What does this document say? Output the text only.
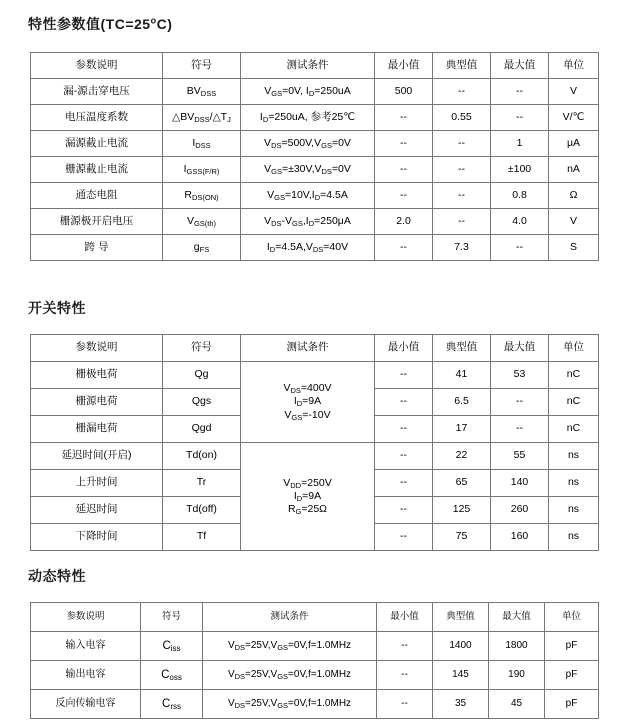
特性参数值$(TC=25^oC)$
参数说明	符号	测试条件	最小值	典型值	最大值	单位
漏-源击穿电压	$BV_{DSS}$	$V_{GS}=0V$, $I_D=250uA$	500	--	--	V
电压温度系数	$\triangle BV_{DSS}/\triangle T_J$	$I_D=250uA$, 参考25℃	--	0.55	--	V/℃
漏源截止电流	$I_{DSS}$	$V_{DS}=500V,V_{GS}=0V$	--	--	1	μA
栅源截止电流	$I_{GSS(F/R)}$	$V_{GS}=\pm 30V,V_{DS}=0V$	--	--	±100	nA
通态电阻	$R_{DS(ON)}$	$V_{GS}=10V,I_D=4.5A$	--	--	0.8	Ω
栅源极开启电压	$V_{GS(th)}$	$V_{DS}-V_{GS},I_D=250\mu A$	2.0	--	4.0	V
跨 导	$g_{FS}$	$I_D=4.5A,V_{DS}=40V$	--	7.3	--	S
开关特性
参数说明	符号	测试条件	最小值	典型值	最大值	单位
栅极电荷	Qg	$V_{DS}=400V$
$I_D=9A$
$V_{GS}=-10V$	--	41	53	nC
栅源电荷	Qgs		--	6.5	--	nC
栅漏电荷	Qgd		--	17	--	nC
延迟时间(开启)	Td(on)	$V_{DD}=250V$
$I_D=9A$
$R_G=25\Omega$	--	22	55	ns
上升时间	Tr		--	65	140	ns
延迟时间	Td(off)		--	125	260	ns
下降时间	Tf		--	75	160	ns
动态特性
参数说明	符号	测试条件	最小值	典型值	最大值	单位
输入电容	$C_{iss}$	$V_{DS}=25V,V_{GS}=0V,f=1.0MHz$	--	1400	1800	pF
输出电容	$C_{oss}$	$V_{DS}=25V,V_{GS}=0V,f=1.0MHz$	--	145	190	pF
反向传输电容	$C_{rss}$	$V_{DS}=25V,V_{GS}=0V,f=1.0MHz$	--	35	45	pF
